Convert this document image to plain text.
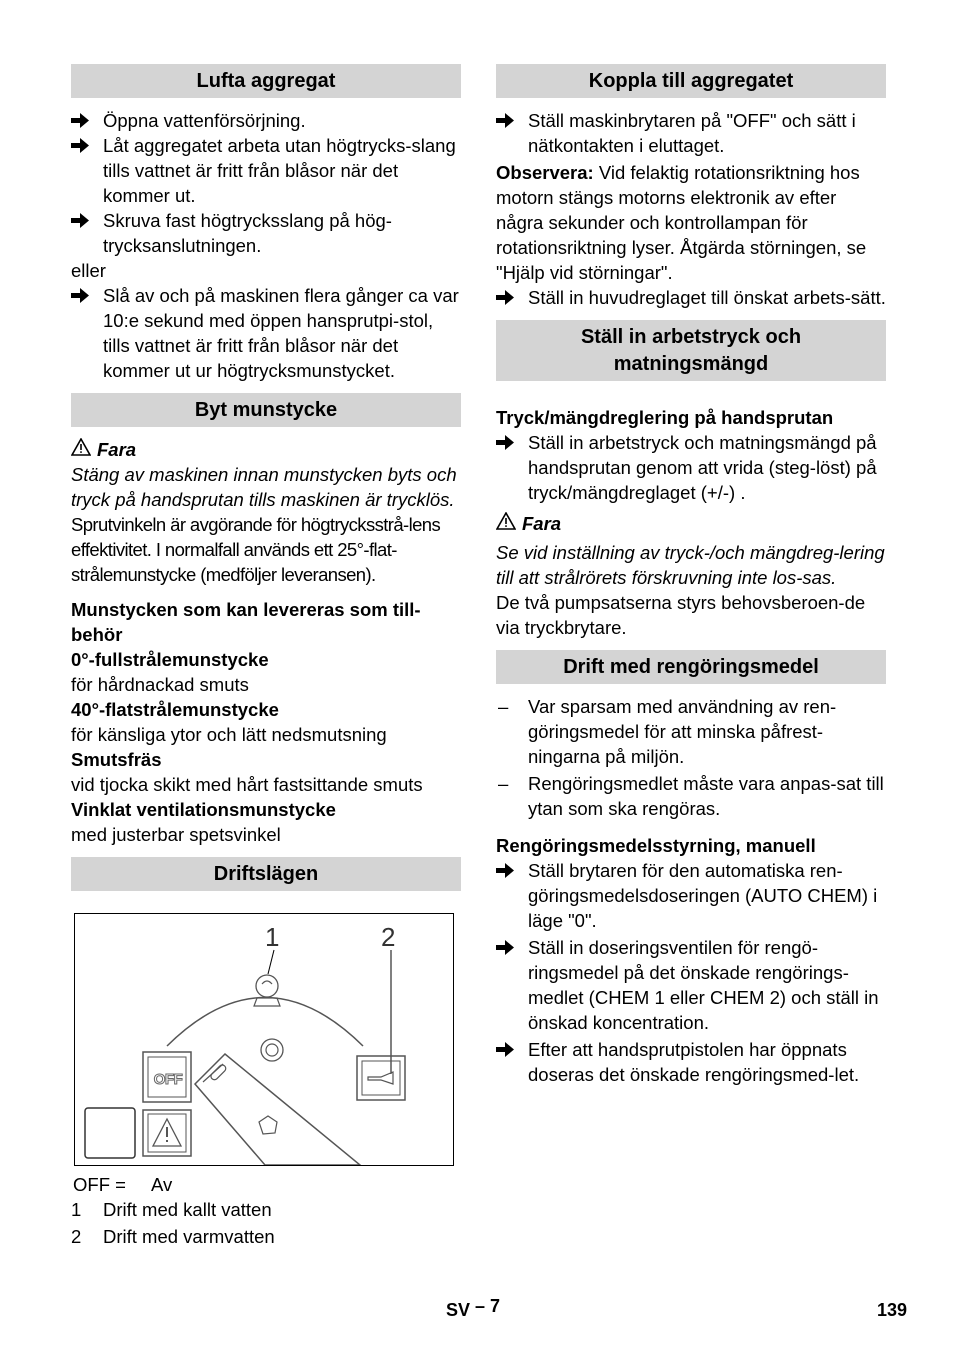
Lufta aggregat
Öppna vattenförsörjning.
Låt aggregatet arbeta utan högtrycks-slang tills vattnet är fritt från blåsor när det kommer ut.
Skruva fast högtrycksslang på hög-trycksanslutningen.
eller
Slå av och på maskinen flera gånger ca var 10:e sekund med öppen hansprutpi-stol, tills vattnet är fritt från blåsor när det kommer ut ur högtrycksmunstycket.
Byt munstycke
Fara
Stäng av maskinen innan munstycken byts och tryck på handsprutan tills maskinen är trycklös.
Sprutvinkeln är avgörande för högtrycksstrå-lens effektivitet. I normalfall används ett 25°-flat-strålemunstycke (medföljer leveransen).
Munstycken som kan levereras som till-behör
0°-fullstrålemunstycke
för hårdnackad smuts
40°-flatstrålemunstycke
för känsliga ytor och lätt nedsmutsning
Smutsfräs
vid tjocka skikt med hårt fastsittande smuts
Vinklat ventilationsmunstycke
med justerbar spetsvinkel
Driftslägen
1	2
OFF
OFF =	Av
1	Drift med kallt vatten
2	Drift med varmvatten
Koppla till aggregatet
Ställ maskinbrytaren på "OFF" och sätt i nätkontakten i eluttaget.
Observera: Vid felaktig rotationsriktning hos motorn stängs motorns elektronik av efter några sekunder och kontrollampan för rotationsriktning lyser. Åtgärda störningen, se "Hjälp vid störningar".
Ställ in huvudreglaget till önskat arbets-sätt.
Ställ in arbetstryck och matningsmängd
Tryck/mängdreglering på handsprutan
Ställ in arbetstryck och matningsmängd på handsprutan genom att vrida (steg-löst) på tryck/mängdreglaget (+/-) .
Fara
Se vid inställning av tryck-/och mängdreg-lering till att strålrörets förskruvning inte los-sas.
De två pumpsatserna styrs behovsberoen-de via tryckbrytare.
Drift med rengöringsmedel
–	Var sparsam med användning av ren-göringsmedel för att minska påfrest-ningarna på miljön.
–	Rengöringsmedlet måste vara anpas-sat till ytan som ska rengöras.
Rengöringsmedelsstyrning, manuell
Ställ brytaren för den automatiska ren-göringsmedelsdoseringen (AUTO CHEM) i läge "0".
Ställ in doseringsventilen för rengö-ringsmedel på det önskade rengörings-medlet (CHEM 1 eller CHEM 2) och ställ in önskad koncentration.
Efter att handsprutpistolen har öppnats doseras det önskade rengöringsmed-let.
SV – 7	139
